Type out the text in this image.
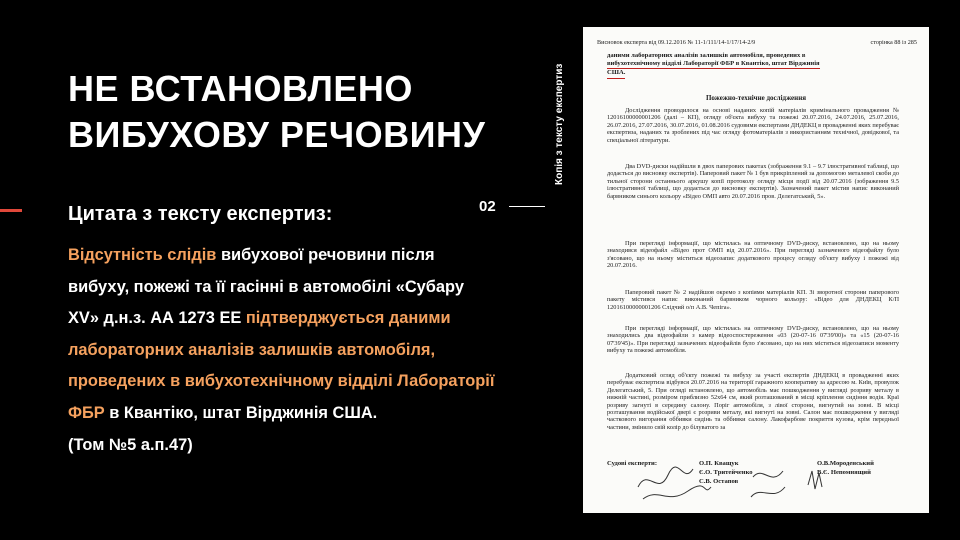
НЕ ВСТАНОВЛЕНО
ВИБУХОВУ РЕЧОВИНУ
02
Цитата з тексту експертиз:
Відсутність слідів вибухової речовини після
вибуху, пожежі та її гасінні в автомобілі «Субару
XV» д.н.з. АА 1273 ЕЕ підтверджується даними
лабораторних аналізів залишків автомобіля,
проведених в вибухотехнічному відділі Лабораторії
ФБР в Квантіко, штат Вірджинія США.
(Том №5 а.п.47)
Копія з тексту експертиз
Висновок експерта від 09.12.2016 № 11-1/111/14-1/17/14-2/9	сторінка 88 із 285
даними лабораторних аналізів залишків автомобіля, проведених в
вибухотехнічному відділі Лабораторії ФБР в Квантіко, штат Вірджинія
США.
Пожежно-технічне дослідження
Дослідження проводилося на основі наданих копій матеріалів кримінального провадження № 12016100000001206 (далі – КП), огляду об'єкта вибуху та пожежі 20.07.2016, 24.07.2016, 25.07.2016, 26.07.2016, 27.07.2016, 30.07.2016, 01.08.2016 судовими експертами ДНДЕКЦ в провадженні яких перебуває експертиза, наданих та зроблених під час огляду фотоматеріалів з використанням технічної, довідкової, та спеціальної літератури.
Два DVD-диски надійшли в двох паперових пакетах (зображення 9.1 – 9.7 ілюстративної таблиці, що додається до висновку експертів). Паперовий пакет № 1 був прикріплений за допомогою металевої скоби до тильної сторони останнього аркушу копії протоколу огляду місця події від 20.07.2016 (зображення 9.5 ілюстративної таблиці, що додається до висновку експертів). Зазначений пакет містив напис виконаний барвником синього кольору «Відео ОМП авто 20.07.2016 пров. Делегатський, 5».
При перегляді інформації, що містилась на оптичному DVD-диску, встановлено, що на ньому знаходився відеофайл «Відео прот ОМП від 20.07.2016». При перегляді зазначеного відеофайлу було з'ясовано, що на ньому міститься відеозапис додаткового процесу огляду об'єкту вибуху і пожежі від 20.07.2016.
Паперовий пакет № 2 надійшов окремо з копіями матеріалів КП. Зі зворотної сторони паперового пакету містився напис виконаний барвником чорного кольору: «Відео для ДНДЕКЦ К/П 12016100000001206 Слідчий о/п А.В. Чепіга».
При перегляді інформації, що містилась на оптичному DVD-диску, встановлено, що на ньому знаходились два відеофайли з камер відеоспостереження «03 (20-07-16 07'39'00)» та «15 (20-07-16 07'39'45)». При перегляді зазначених відеофайлів було з'ясовано, що на них містяться відеозаписи моменту вибуху та пожежі автомобіля.
Додатковий огляд об'єкту пожежі та вибуху за участі експертів ДНДЕКЦ в провадженні яких перебуває експертиза відбувся 20.07.2016 на території гаражного кооперативу за адресою м. Київ, провулок Делегатський, 5. При огляді встановлено, що автомобіль має пошкодження у вигляді розриву металу в нижній частині, розміром приблизно 52х64 см, який розташований в місці кріплення сидіння водія. Краї розриву загнуті в середину салону. Поріг автомобіля, з лівої сторони, вигнутий на зовні. В місці розташування водійської двері є розриви металу, які вигнуті на зовні. Салон має пошкодження у вигляді часткового вигорання оббивки сидінь та оббивки салону. Лакофарбове покриття кузова, крім передньої частини, змінило свій колір до білуватого за
Судові експерти:	О.П. Кващук
Є.О. Тритейченко
С.В. Остапов
О.В.Мороденський
В.Є. Непомнящий
